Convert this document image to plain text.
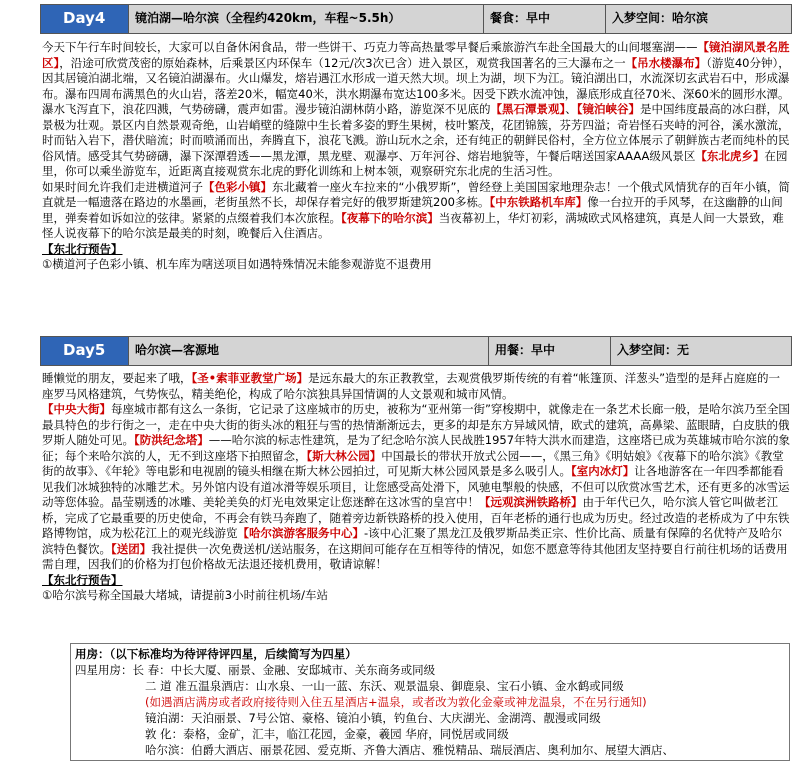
Day4	镜泊湖—哈尔滨（全程约420km，车程~5.5h）	餐食：早中	入梦空间：哈尔滨

今天下午行车时间较长，大家可以自备休闲食品，带一些饼干、巧克力等高热量零早餐后乘旅游汽车赴全国最大的山间堰塞湖——【镜泊湖风景名胜区】，沿途可欣赏茂密的原始森林，后乘景区内环保车（12元/次3次已含）进入景区，观赏我国著名的三大瀑布之一【吊水楼瀑布】（游览40分钟），因其居镜泊湖北端，又名镜泊湖瀑布。火山爆发，熔岩遇江水形成一道天然大坝。坝上为湖，坝下为江。镜泊湖出口，水流深切玄武岩石中，形成瀑布。瀑布四周布满黑色的火山岩，落差20米，幅宽40米，洪水期瀑布宽达100多米。因受下跌水流冲蚀，瀑底形成直径70米、深60米的圆形水潭。瀑水飞泻直下，浪花四溅，气势磅礴，震声如雷。漫步镜泊湖林荫小路，游览深不见底的【黑石潭景观】、【镜泊峡谷】是中国纬度最高的冰臼群，风景极为壮观。景区内自然景观奇绝，山岩峭壁的缝隙中生长着多姿的野生果树，枝叶繁茂，花团锦簇，芬芳四溢；奇岩怪石夹峙的河谷，溪水激流，时而钻入岩下，潜伏暗流；时而喷涌而出，奔腾直下，浪花飞溅。游山玩水之余，还有纯正的朝鲜民俗村，全方位立体展示了朝鲜族古老而纯朴的民俗风情。感受其气势磅礴，瀑下深潭碧透——黑龙潭，黑龙壁、观瀑亭、万年河谷、熔岩地貌等，午餐后嗐送国家AAAA级风景区【东北虎乡】在园里，你可以乘坐游览车，近距离直接观赏东北虎的野化训练和上树本领，观察研究东北虎的生活习性。

如果时间允许我们走进横道河子【色彩小镇】东北藏着一座火车拉来的“小俄罗斯”，曾经登上美国国家地理杂志！一个俄式风情犹存的百年小镇，简直就是一幅遗落在路边的水墨画，老街虽然不长，却保存着完好的俄罗斯建筑200多栋。【中东铁路机车库】像一台拉开的手风琴，在这幽静的山间里，弹奏着如诉如泣的弦律。紧紧的点缀着我们本次旅程。【夜幕下的哈尔滨】当夜幕初上，华灯初彩，满城欧式风格建筑，真是人间一大景致，难怪人说夜幕下的哈尔滨是最美的时刻，晚餐后入住酒店。

【东北行预告】

①横道河子色彩小镇、机车库为嗐送项目如遇特殊情况未能参观游览不退费用

Day5	哈尔滨—客源地	用餐：早中	入梦空间：无

睡懒觉的朋友，要起来了哦，【圣•索菲亚教堂广场】是远东最大的东正教教堂，去观赏俄罗斯传统的有着“帐篷顶、洋葱头”造型的是拜占庭庭的一座罗马风格建筑，气势恢弘，精美绝伦，构成了哈尔滨独具异国情调的人文景观和城市风情。

【中央大街】每座城市都有这么一条街，它记录了这座城市的历史，被称为“亚州第一街”穿梭期中，就像走在一条艺术长廊一般，是哈尔滨乃至全国最具特色的步行街之一，走在中央大街的街头冰的粗狂与雪的热情渐渐远去，更多的却是东方异域风情，欧式的建筑，高鼻梁、蓝眼睛，白皮肤的俄罗斯人随处可见。【防洪纪念塔】——哈尔滨的标志性建筑，是为了纪念哈尔滨人民战胜1957年特大洪水而建造，这座塔已成为英雄城市哈尔滨的象征；每个来哈尔滨的人，无不到这座塔下拍照留念，【斯大林公园】中国最长的带状开放式公园——，《黑三角》《明姑娘》《夜幕下的哈尔滨》《教堂街的故事》、《年轮》等电影和电视剧的镜头相继在斯大林公园拍过，可见斯大林公园风景是多么吸引人。【室内冰灯】让各地游客在一年四季都能看见我们冰城独特的冰雕艺术。另外馆内设有道冰滑等娱乐项目，让您感受高处滑下，风驰电掣般的快感，不但可以欣赏冰雪艺术，还有更多的冰雪运动等您体验。晶莹剔透的冰雕、美轮美奂的灯光电效果定让您迷醉在这冰雪的皇宫中！【远观滨洲铁路桥】由于年代已久，哈尔滨人管它叫做老江桥，完成了它最重要的历史使命，不再会有铁马奔跑了，随着旁边新铁路桥的投入使用，百年老桥的通行也成为历史。经过改造的老桥成为了中东铁路博物馆，成为松花江上的观光线游览【哈尔滨游客服务中心】-该中心汇聚了黑龙江及俄罗斯品类正宗、性价比高、质量有保障的名优特产及哈尔滨特色餐饮。【送团】我社提供一次免费送机/送站服务，在这期间可能存在互相等待的情况，如您不愿意等待其他团友坚持要自行前往机场的话费用需自理，因我们的价格为打包价格故无法退还接机费用，敬请谅解！

【东北行预告】

①哈尔滨号称全国最大堵城，请提前3小时前往机场/车站

用房：（以下标准均为待评待评四星，后续简写为四星）
四星用房：长 春：中长大厦、丽景、金融、安邸城市、关东商务或同级
二 道 准五温泉酒店：山水泉、一山一蓝、东沃、观景温泉、御鹿泉、宝石小镇、金水鹤或同级
(如遇酒店满房或者政府接待则入住五星酒店+温泉，或者改为敦化金豪或神龙温泉，不在另行通知)
镜泊湖：天泊丽景、7号公馆、豪格、镜泊小镇，钓鱼台、大庆湖光、金湖湾、靓漫或同级
敦 化：泰格，金矿，汇丰，临江花园，金豪，羲园 华府，同悦居或同级
哈尔滨：伯爵大酒店、丽景花园、爱克斯、齐鲁大酒店、雅悦精品、瑞辰酒店、奥利加尔、展望大酒店、
